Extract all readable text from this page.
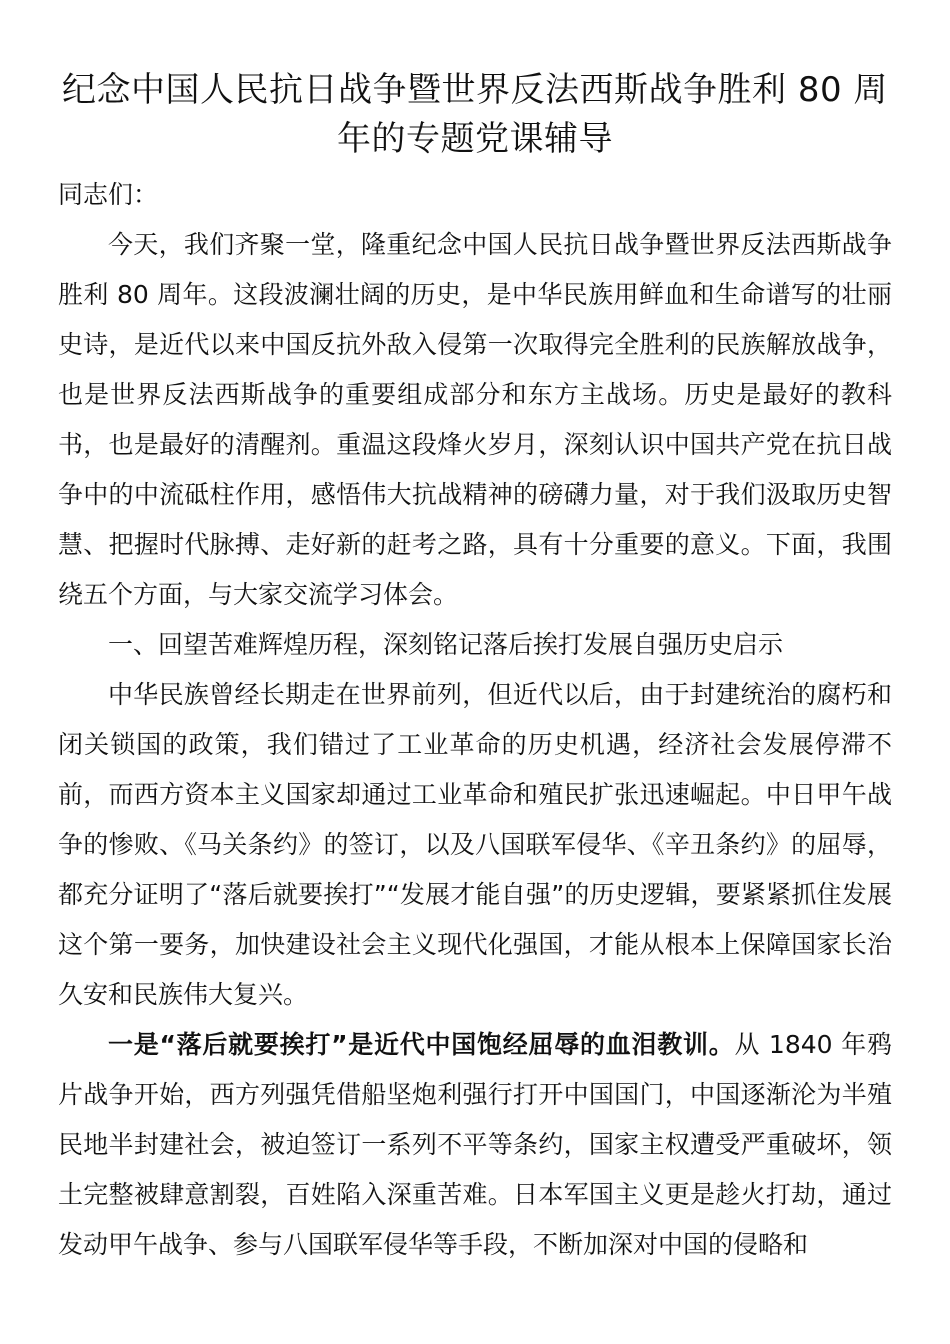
纪念中国人民抗日战争暨世界反法西斯战争胜利 80 周年的专题党课辅导

同志们：

今天，我们齐聚一堂，隆重纪念中国人民抗日战争暨世界反法西斯战争胜利 80 周年。这段波澜壮阔的历史，是中华民族用鲜血和生命谱写的壮丽史诗，是近代以来中国反抗外敌入侵第一次取得完全胜利的民族解放战争，也是世界反法西斯战争的重要组成部分和东方主战场。历史是最好的教科书，也是最好的清醒剂。重温这段烽火岁月，深刻认识中国共产党在抗日战争中的中流砥柱作用，感悟伟大抗战精神的磅礴力量，对于我们汲取历史智慧、把握时代脉搏、走好新的赶考之路，具有十分重要的意义。下面，我围绕五个方面，与大家交流学习体会。

一、回望苦难辉煌历程，深刻铭记落后挨打发展自强历史启示

中华民族曾经长期走在世界前列，但近代以后，由于封建统治的腐朽和闭关锁国的政策，我们错过了工业革命的历史机遇，经济社会发展停滞不前，而西方资本主义国家却通过工业革命和殖民扩张迅速崛起。中日甲午战争的惨败、《马关条约》的签订，以及八国联军侵华、《辛丑条约》的屈辱，都充分证明了“落后就要挨打”“发展才能自强”的历史逻辑，要紧紧抓住发展这个第一要务，加快建设社会主义现代化强国，才能从根本上保障国家长治久安和民族伟大复兴。

一是“落后就要挨打”是近代中国饱经屈辱的血泪教训。从 1840 年鸦片战争开始，西方列强凭借船坚炮利强行打开中国国门，中国逐渐沦为半殖民地半封建社会，被迫签订一系列不平等条约，国家主权遭受严重破坏，领土完整被肆意割裂，百姓陷入深重苦难。日本军国主义更是趁火打劫，通过发动甲午战争、参与八国联军侵华等手段，不断加深对中国的侵略和
